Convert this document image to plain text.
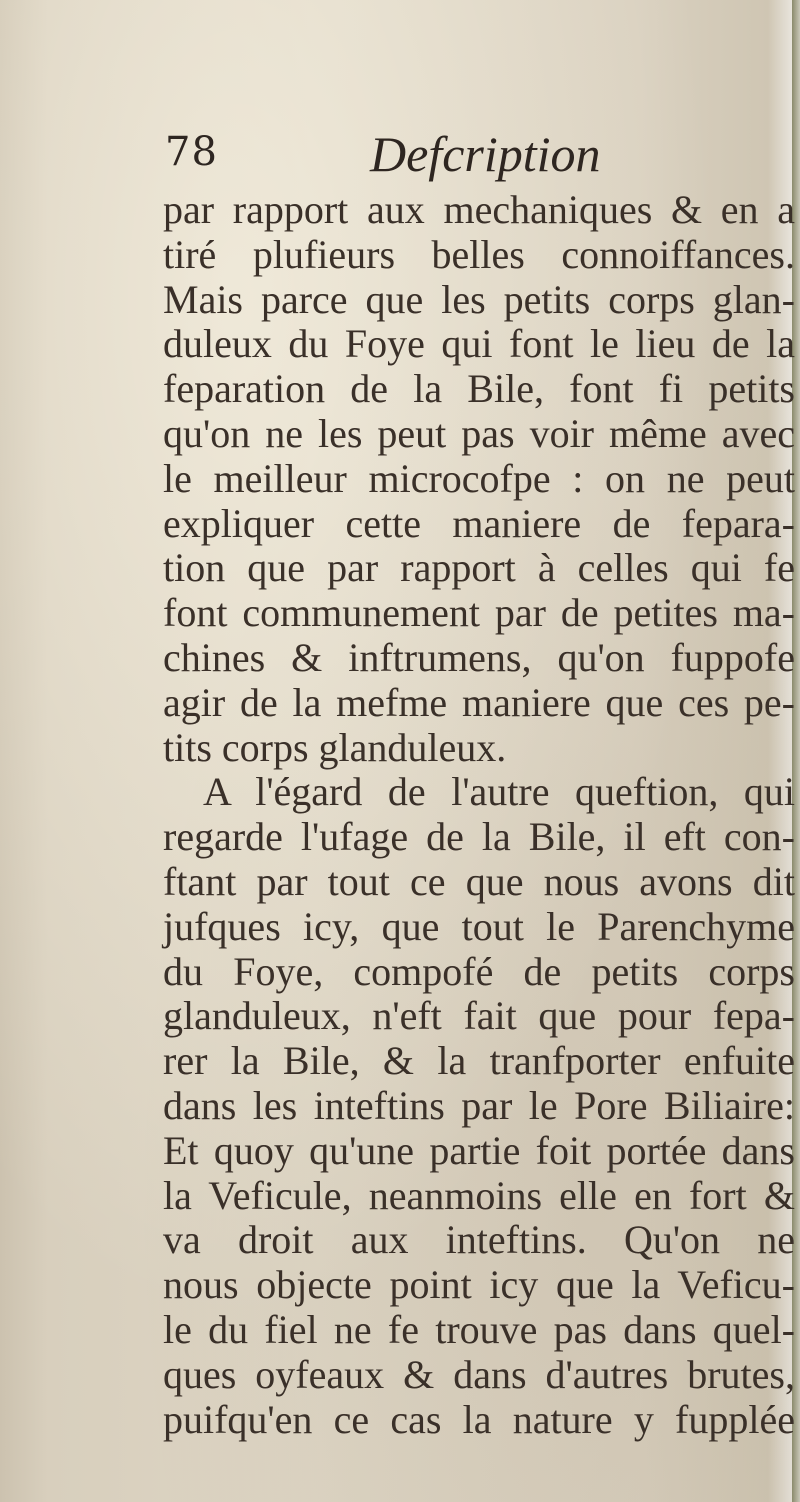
78	Defcription
par rapport aux mechaniques & en a
tiré plufieurs belles connoiffances.
Mais parce que les petits corps glan-
duleux du Foye qui font le lieu de la
feparation de la Bile, font fi petits
qu'on ne les peut pas voir même avec
le meilleur microcofpe : on ne peut
expliquer cette maniere de fepara-
tion que par rapport à celles qui fe
font communement par de petites ma-
chines & inftrumens, qu'on fuppofe
agir de la mefme maniere que ces pe-
tits corps glanduleux.
A l'égard de l'autre queftion, qui
regarde l'ufage de la Bile, il eft con-
ftant par tout ce que nous avons dit
jufques icy, que tout le Parenchyme
du Foye, compofé de petits corps
glanduleux, n'eft fait que pour fepa-
rer la Bile, & la tranfporter enfuite
dans les inteftins par le Pore Biliaire:
Et quoy qu'une partie foit portée dans
la Veficule, neanmoins elle en fort &
va droit aux inteftins. Qu'on ne
nous objecte point icy que la Veficu-
le du fiel ne fe trouve pas dans quel-
ques oyfeaux & dans d'autres brutes,
puifqu'en ce cas la nature y fupplée
